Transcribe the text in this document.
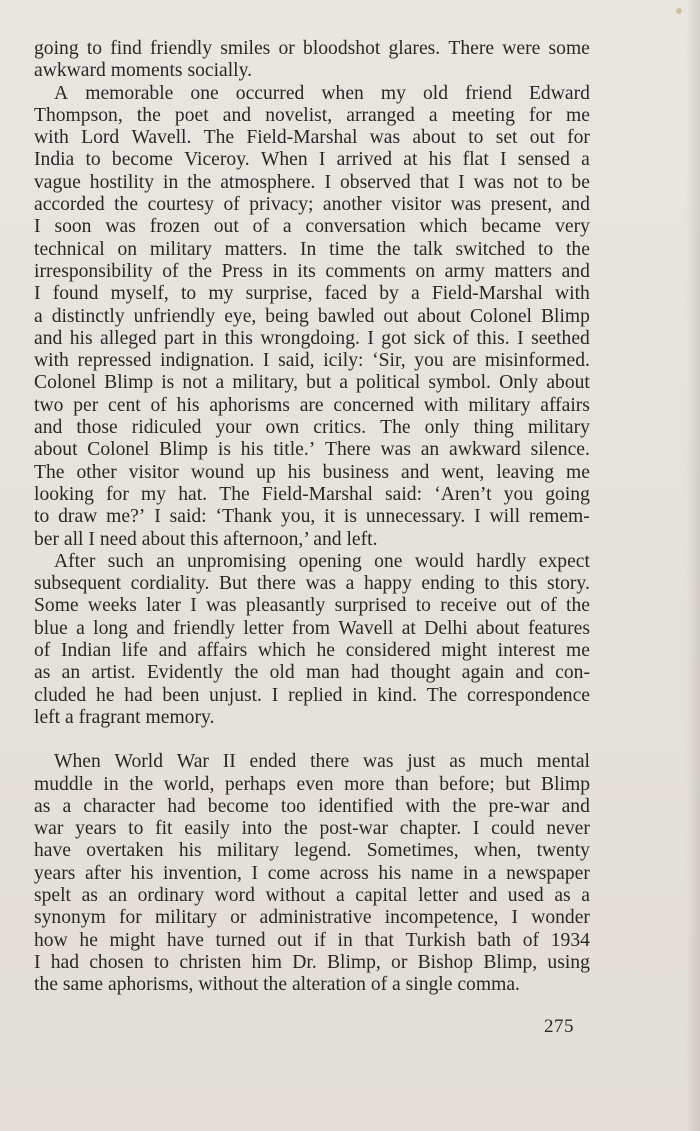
going to find friendly smiles or bloodshot glares. There were some
awkward moments socially.
A memorable one occurred when my old friend Edward
Thompson, the poet and novelist, arranged a meeting for me
with Lord Wavell. The Field-Marshal was about to set out for
India to become Viceroy. When I arrived at his flat I sensed a
vague hostility in the atmosphere. I observed that I was not to be
accorded the courtesy of privacy; another visitor was present, and
I soon was frozen out of a conversation which became very
technical on military matters. In time the talk switched to the
irresponsibility of the Press in its comments on army matters and
I found myself, to my surprise, faced by a Field-Marshal with
a distinctly unfriendly eye, being bawled out about Colonel Blimp
and his alleged part in this wrongdoing. I got sick of this. I seethed
with repressed indignation. I said, icily: ‘Sir, you are misinformed.
Colonel Blimp is not a military, but a political symbol. Only about
two per cent of his aphorisms are concerned with military affairs
and those ridiculed your own critics. The only thing military
about Colonel Blimp is his title.’ There was an awkward silence.
The other visitor wound up his business and went, leaving me
looking for my hat. The Field-Marshal said: ‘Aren’t you going
to draw me?’ I said: ‘Thank you, it is unnecessary. I will remem-
ber all I need about this afternoon,’ and left.
After such an unpromising opening one would hardly expect
subsequent cordiality. But there was a happy ending to this story.
Some weeks later I was pleasantly surprised to receive out of the
blue a long and friendly letter from Wavell at Delhi about features
of Indian life and affairs which he considered might interest me
as an artist. Evidently the old man had thought again and con-
cluded he had been unjust. I replied in kind. The correspondence
left a fragrant memory.
When World War II ended there was just as much mental
muddle in the world, perhaps even more than before; but Blimp
as a character had become too identified with the pre-war and
war years to fit easily into the post-war chapter. I could never
have overtaken his military legend. Sometimes, when, twenty
years after his invention, I come across his name in a newspaper
spelt as an ordinary word without a capital letter and used as a
synonym for military or administrative incompetence, I wonder
how he might have turned out if in that Turkish bath of 1934
I had chosen to christen him Dr. Blimp, or Bishop Blimp, using
the same aphorisms, without the alteration of a single comma.
275
